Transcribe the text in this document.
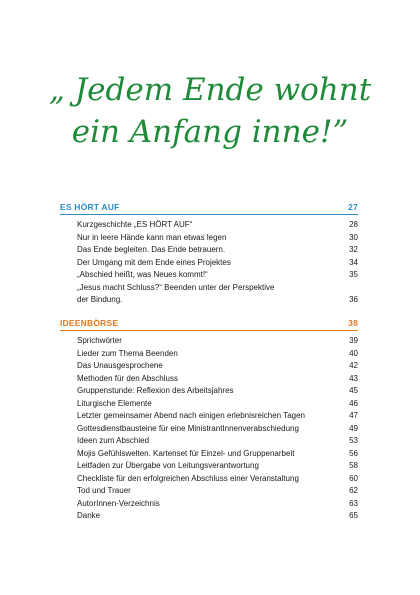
„ Jedem Ende wohnt
ein Anfang inne!”
ES HÖRT AUF	27
Kurzgeschichte „ES HÖRT AUF“	28
Nur in leere Hände kann man etwas legen	30
Das Ende begleiten. Das Ende betrauern.	32
Der Umgang mit dem Ende eines Projektes	34
„Abschied heißt, was Neues kommt!“	35
„Jesus macht Schluss?“ Beenden unter der Perspektive
der Bindung.	36
IDEENBÖRSE	38
Sprichwörter	39
Lieder zum Thema Beenden	40
Das Unausgesprochene	42
Methoden für den Abschluss	43
Gruppenstunde: Reflexion des Arbeitsjahres	45
Liturgische Elemente	46
Letzter gemeinsamer Abend nach einigen erlebnisreichen Tagen	47
Gottesdienstbausteine für eine MinistrantInnenverabschiedung	49
Ideen zum Abschied	53
Mojis Gefühlswelten. Kartenset für Einzel- und Gruppenarbeit	56
Leitfaden zur Übergabe von Leitungsverantwortung	58
Checkliste für den erfolgreichen Abschluss einer Veranstaltung	60
Tod und Trauer	62
AutorInnen-Verzeichnis	63
Danke	65
